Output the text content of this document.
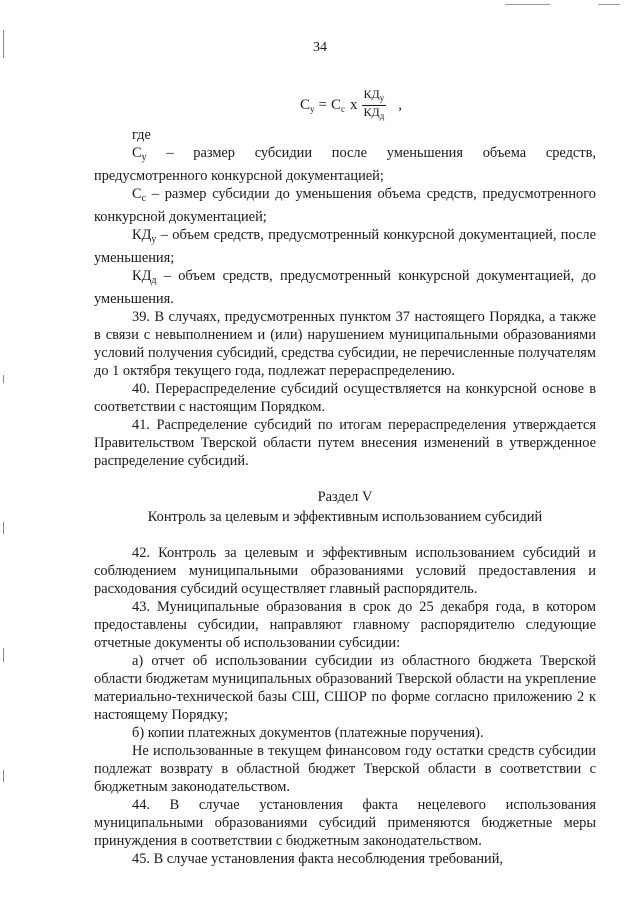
34
$С_у = С_с$ х $\frac{КД_у}{КД_д}$ ,

где

$С_у$ – размер субсидии после уменьшения объема средств, предусмотренного конкурсной документацией;

$С_с$ – размер субсидии до уменьшения объема средств, предусмотренного конкурсной документацией;

$КД_у$ – объем средств, предусмотренный конкурсной документацией, после уменьшения;

$КД_д$ – объем средств, предусмотренный конкурсной документацией, до уменьшения.

39. В случаях, предусмотренных пунктом 37 настоящего Порядка, а также в связи с невыполнением и (или) нарушением муниципальными образованиями условий получения субсидий, средства субсидии, не перечисленные получателям до 1 октября текущего года, подлежат перераспределению.

40. Перераспределение субсидий осуществляется на конкурсной основе в соответствии с настоящим Порядком.

41. Распределение субсидий по итогам перераспределения утверждается Правительством Тверской области путем внесения изменений в утвержденное распределение субсидий.

Раздел V
Контроль за целевым и эффективным использованием субсидий

42. Контроль за целевым и эффективным использованием субсидий и соблюдением муниципальными образованиями условий предоставления и расходования субсидий осуществляет главный распорядитель.

43. Муниципальные образования в срок до 25 декабря года, в котором предоставлены субсидии, направляют главному распорядителю следующие отчетные документы об использовании субсидии:

а) отчет об использовании субсидии из областного бюджета Тверской области бюджетам муниципальных образований Тверской области на укрепление материально-технической базы СШ, СШОР по форме согласно приложению 2 к настоящему Порядку;

б) копии платежных документов (платежные поручения).

Не использованные в текущем финансовом году остатки средств субсидии подлежат возврату в областной бюджет Тверской области в соответствии с бюджетным законодательством.

44. В случае установления факта нецелевого использования муниципальными образованиями субсидий применяются бюджетные меры принуждения в соответствии с бюджетным законодательством.

45. В случае установления факта несоблюдения требований,
